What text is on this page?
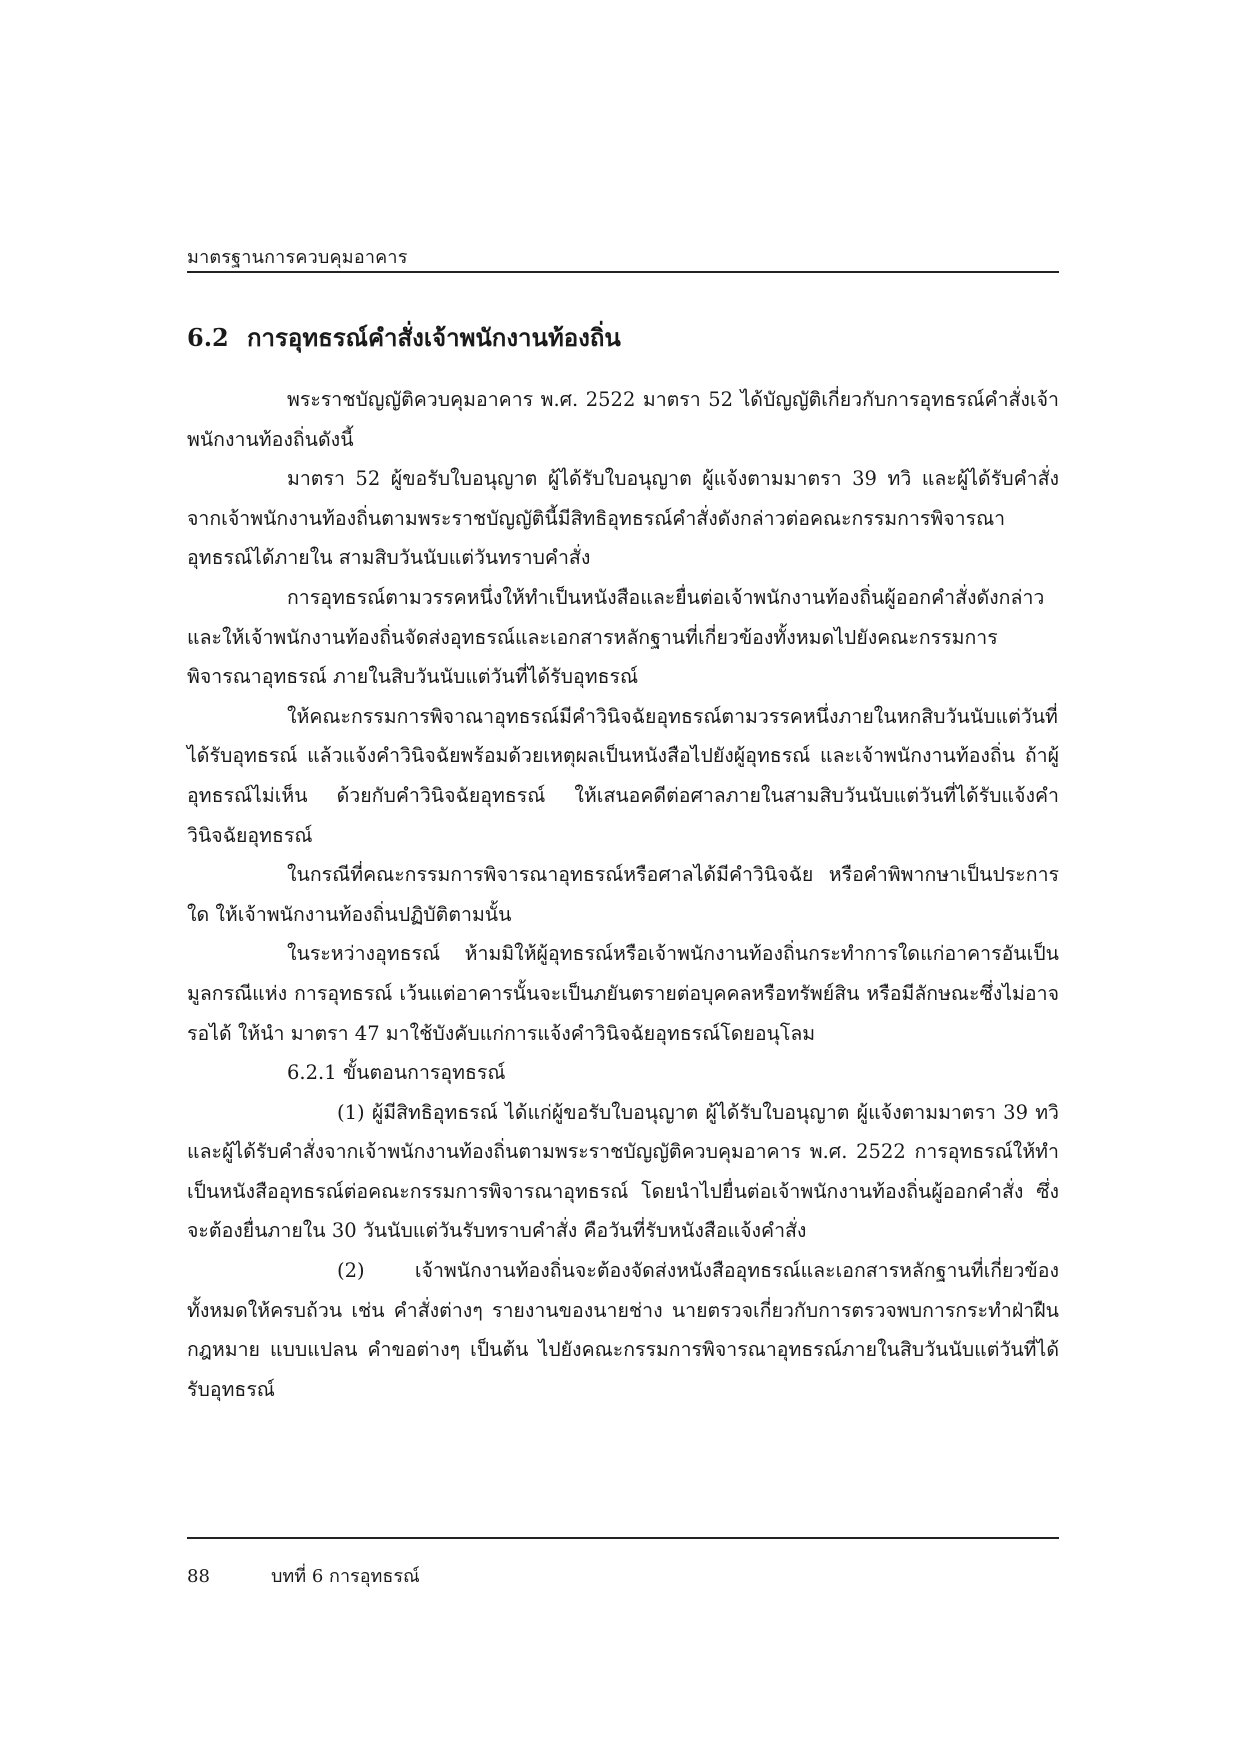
มาตรฐานการควบคุมอาคาร
6.2 การอุทธรณ์คำสั่งเจ้าพนักงานท้องถิ่น

พระราชบัญญัติควบคุมอาคาร พ.ศ. 2522 มาตรา 52 ได้บัญญัติเกี่ยวกับการอุทธรณ์คำสั่งเจ้าพนักงานท้องถิ่นดังนี้

มาตรา 52 ผู้ขอรับใบอนุญาต ผู้ได้รับใบอนุญาต ผู้แจ้งตามมาตรา 39 ทวิ และผู้ได้รับคำสั่งจากเจ้าพนักงานท้องถิ่นตามพระราชบัญญัตินี้มีสิทธิอุทธรณ์คำสั่งดังกล่าวต่อคณะกรรมการพิจารณาอุทธรณ์ได้ภายใน สามสิบวันนับแต่วันทราบคำสั่ง

การอุทธรณ์ตามวรรคหนึ่งให้ทำเป็นหนังสือและยื่นต่อเจ้าพนักงานท้องถิ่นผู้ออกคำสั่งดังกล่าว และให้เจ้าพนักงานท้องถิ่นจัดส่งอุทธรณ์และเอกสารหลักฐานที่เกี่ยวข้องทั้งหมดไปยังคณะกรรมการพิจารณาอุทธรณ์ ภายในสิบวันนับแต่วันที่ได้รับอุทธรณ์

ให้คณะกรรมการพิจาณาอุทธรณ์มีคำวินิจฉัยอุทธรณ์ตามวรรคหนึ่งภายในหกสิบวันนับแต่วันที่ได้รับอุทธรณ์ แล้วแจ้งคำวินิจฉัยพร้อมด้วยเหตุผลเป็นหนังสือไปยังผู้อุทธรณ์ และเจ้าพนักงานท้องถิ่น ถ้าผู้อุทธรณ์ไม่เห็น ด้วยกับคำวินิจฉัยอุทธรณ์ ให้เสนอคดีต่อศาลภายในสามสิบวันนับแต่วันที่ได้รับแจ้งคำวินิจฉัยอุทธรณ์

ในกรณีที่คณะกรรมการพิจารณาอุทธรณ์หรือศาลได้มีคำวินิจฉัย หรือคำพิพากษาเป็นประการใด ให้เจ้าพนักงานท้องถิ่นปฏิบัติตามนั้น

ในระหว่างอุทธรณ์ ห้ามมิให้ผู้อุทธรณ์หรือเจ้าพนักงานท้องถิ่นกระทำการใดแก่อาคารอันเป็นมูลกรณีแห่ง การอุทธรณ์ เว้นแต่อาคารนั้นจะเป็นภยันตรายต่อบุคคลหรือทรัพย์สิน หรือมีลักษณะซึ่งไม่อาจรอได้ ให้นำ มาตรา 47 มาใช้บังคับแก่การแจ้งคำวินิจฉัยอุทธรณ์โดยอนุโลม

6.2.1 ขั้นตอนการอุทธรณ์

(1) ผู้มีสิทธิอุทธรณ์ ได้แก่ผู้ขอรับใบอนุญาต ผู้ได้รับใบอนุญาต ผู้แจ้งตามมาตรา 39 ทวิ และผู้ได้รับคำสั่งจากเจ้าพนักงานท้องถิ่นตามพระราชบัญญัติควบคุมอาคาร พ.ศ. 2522 การอุทธรณ์ให้ทำเป็นหนังสืออุทธรณ์ต่อคณะกรรมการพิจารณาอุทธรณ์ โดยนำไปยื่นต่อเจ้าพนักงานท้องถิ่นผู้ออกคำสั่ง ซึ่งจะต้องยื่นภายใน 30 วันนับแต่วันรับทราบคำสั่ง คือวันที่รับหนังสือแจ้งคำสั่ง

(2) เจ้าพนักงานท้องถิ่นจะต้องจัดส่งหนังสืออุทธรณ์และเอกสารหลักฐานที่เกี่ยวข้องทั้งหมดให้ครบถ้วน เช่น คำสั่งต่างๆ รายงานของนายช่าง นายตรวจเกี่ยวกับการตรวจพบการกระทำฝ่าฝืนกฎหมาย แบบแปลน คำขอต่างๆ เป็นต้น ไปยังคณะกรรมการพิจารณาอุทธรณ์ภายในสิบวันนับแต่วันที่ได้รับอุทธรณ์

88	บทที่ 6 การอุทธรณ์
